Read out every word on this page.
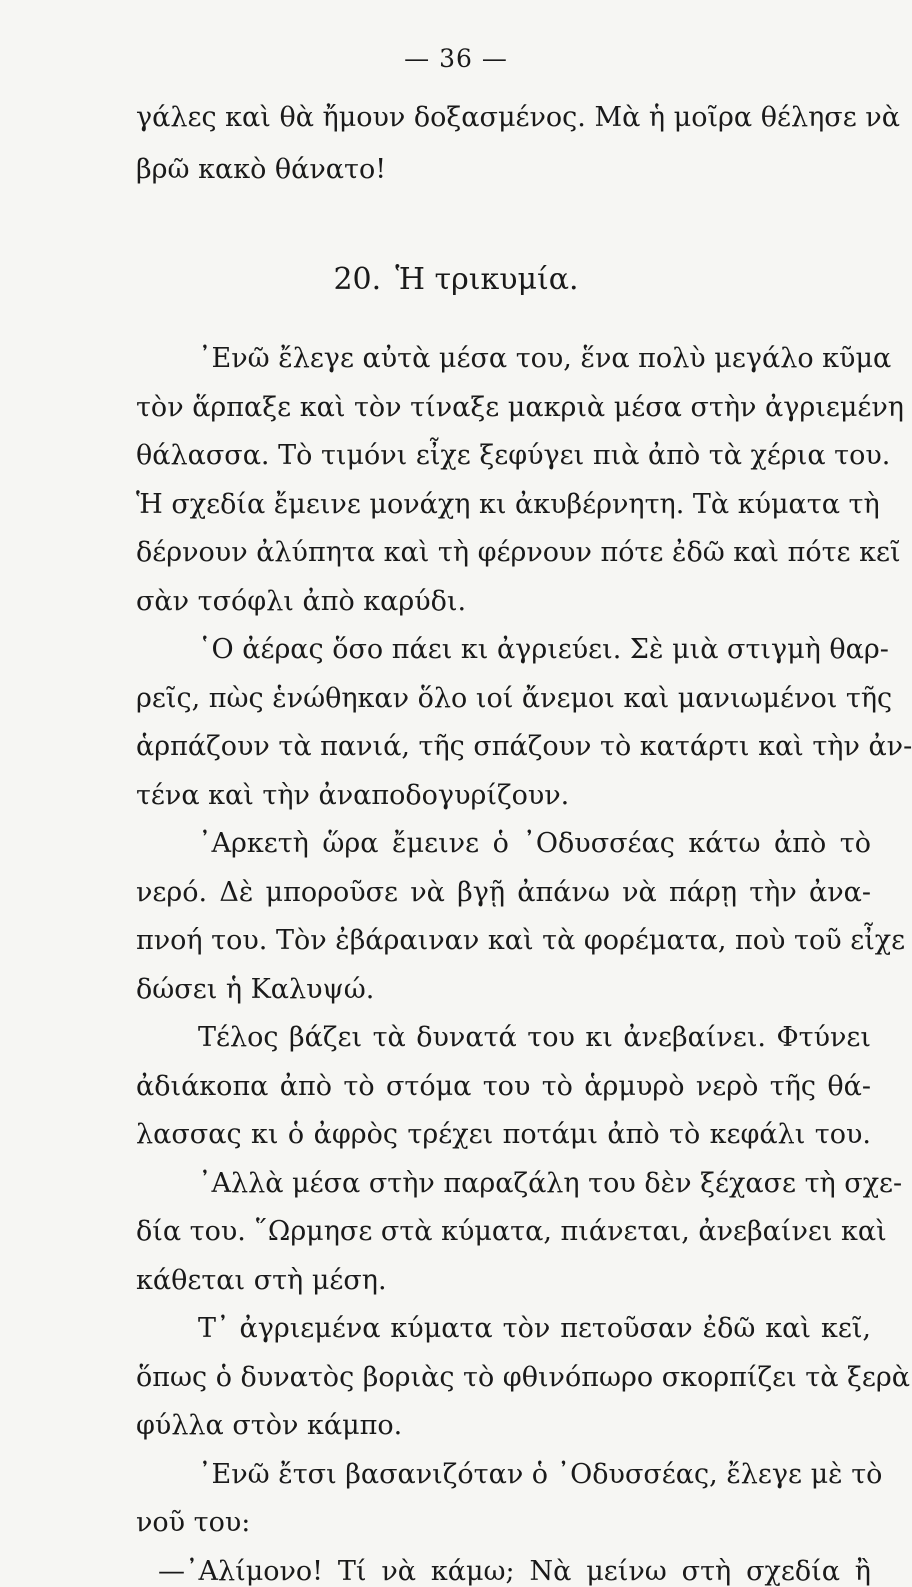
— 36 —
γάλες καὶ θὰ ἤμουν δοξασμένος. Μὰ ἡ μοῖρα θέλησε νὰ
βρῶ κακὸ θάνατο!
20. Ἡ τρικυμία.
᾿Ενῶ ἔλεγε αὐτὰ μέσα του, ἕνα πολὺ μεγάλο κῦμα
τὸν ἅρπαξε καὶ τὸν τίναξε μακριὰ μέσα στὴν ἀγριεμένη
θάλασσα. Τὸ τιμόνι εἶχε ξεφύγει πιὰ ἀπὸ τὰ χέρια του.
Ἡ σχεδία ἔμεινε μονάχη κι ἀκυβέρνητη. Τὰ κύματα τὴ
δέρνουν ἀλύπητα καὶ τὴ φέρνουν πότε ἐδῶ καὶ πότε κεῖ
σὰν τσόφλι ἀπὸ καρύδι.
῾Ο ἀέρας ὅσο πάει κι ἀγριεύει. Σὲ μιὰ στιγμὴ θαρ-
ρεῖς, πὼς ἑνώθηκαν ὅλο ιοί ἄνεμοι καὶ μανιωμένοι τῆς
ἁρπάζουν τὰ πανιά, τῆς σπάζουν τὸ κατάρτι καὶ τὴν ἀν-
τένα καὶ τὴν ἀναποδογυρίζουν.
᾿Αρκετὴ ὥρα ἔμεινε ὁ ᾿Οδυσσέας κάτω ἀπὸ τὸ
νερό. Δὲ μποροῦσε νὰ βγῇ ἀπάνω νὰ πάρῃ τὴν ἀνα-
πνοή του. Τὸν ἐβάραιναν καὶ τὰ φορέματα, ποὺ τοῦ εἶχε
δώσει ἡ Καλυψώ.
Τέλος βάζει τὰ δυνατά του κι ἀνεβαίνει. Φτύνει
ἀδιάκοπα ἀπὸ τὸ στόμα του τὸ ἁρμυρὸ νερὸ τῆς θά-
λασσας κι ὁ ἀφρὸς τρέχει ποτάμι ἀπὸ τὸ κεφάλι του.
᾿Αλλὰ μέσα στὴν παραζάλη του δὲν ξέχασε τὴ σχε-
δία του. ῞Ωρμησε στὰ κύματα, πιάνεται, ἀνεβαίνει καὶ
κάθεται στὴ μέση.
Τ᾿ ἀγριεμένα κύματα τὸν πετοῦσαν ἐδῶ καὶ κεῖ,
ὅπως ὁ δυνατὸς βοριὰς τὸ φθινόπωρο σκορπίζει τὰ ξερὰ
φύλλα στὸν κάμπο.
᾿Ενῶ ἔτσι βασανιζόταν ὁ ᾿Οδυσσέας, ἔλεγε μὲ τὸ
νοῦ του:
—᾿Αλίμονο! Τί νὰ κάμω; Νὰ μείνω στὴ σχεδία ἢ
